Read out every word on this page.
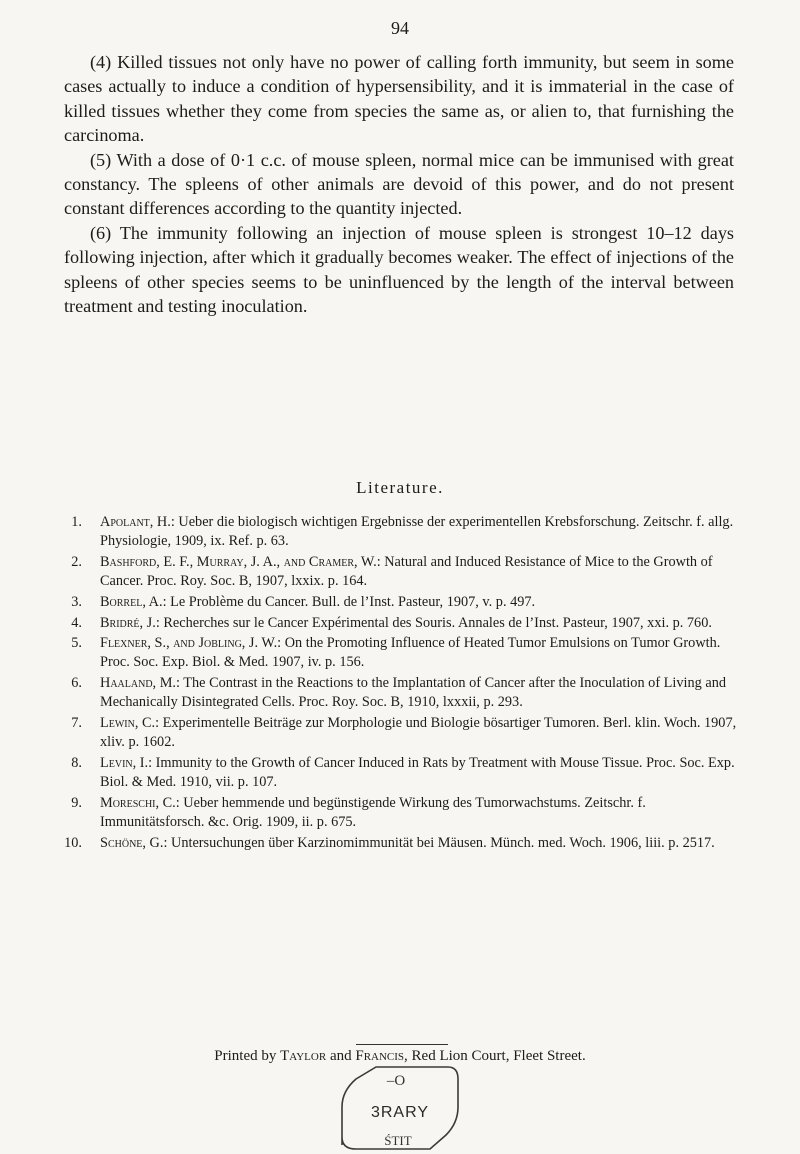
94

(4) Killed tissues not only have no power of calling forth immunity, but seem in some cases actually to induce a condition of hypersensibility, and it is immaterial in the case of killed tissues whether they come from species the same as, or alien to, that furnishing the carcinoma.

(5) With a dose of 0·1 c.c. of mouse spleen, normal mice can be immunised with great constancy. The spleens of other animals are devoid of this power, and do not present constant differences according to the quantity injected.

(6) The immunity following an injection of mouse spleen is strongest 10–12 days following injection, after which it gradually becomes weaker. The effect of injections of the spleens of other species seems to be uninfluenced by the length of the interval between treatment and testing inoculation.

Literature.
1. Apolant, H.: Ueber die biologisch wichtigen Ergebnisse der experimentellen Krebsforschung. Zeitschr. f. allg. Physiologie, 1909, ix. Ref. p. 63.
2. Bashford, E. F., Murray, J. A., and Cramer, W.: Natural and Induced Resistance of Mice to the Growth of Cancer. Proc. Roy. Soc. B, 1907, lxxix. p. 164.
3. Borrel, A.: Le Problème du Cancer. Bull. de l’Inst. Pasteur, 1907, v. p. 497.
4. Bridré, J.: Recherches sur le Cancer Expérimental des Souris. Annales de l’Inst. Pasteur, 1907, xxi. p. 760.
5. Flexner, S., and Jobling, J. W.: On the Promoting Influence of Heated Tumor Emulsions on Tumor Growth. Proc. Soc. Exp. Biol. & Med. 1907, iv. p. 156.
6. Haaland, M.: The Contrast in the Reactions to the Implantation of Cancer after the Inoculation of Living and Mechanically Disintegrated Cells. Proc. Roy. Soc. B, 1910, lxxxii, p. 293.
7. Lewin, C.: Experimentelle Beiträge zur Morphologie und Biologie bösartiger Tumoren. Berl. klin. Woch. 1907, xliv. p. 1602.
8. Levin, I.: Immunity to the Growth of Cancer Induced in Rats by Treatment with Mouse Tissue. Proc. Soc. Exp. Biol. & Med. 1910, vii. p. 107.
9. Moreschi, C.: Ueber hemmende und begünstigende Wirkung des Tumorwachstums. Zeitschr. f. Immunitätsforsch. &c. Orig. 1909, ii. p. 675.
10. Schöne, G.: Untersuchungen über Karzinomimmunität bei Mäusen. Münch. med. Woch. 1906, liii. p. 2517.
Printed by Taylor and Francis, Red Lion Court, Fleet Street.
–O
3RARY
ŚTIT
